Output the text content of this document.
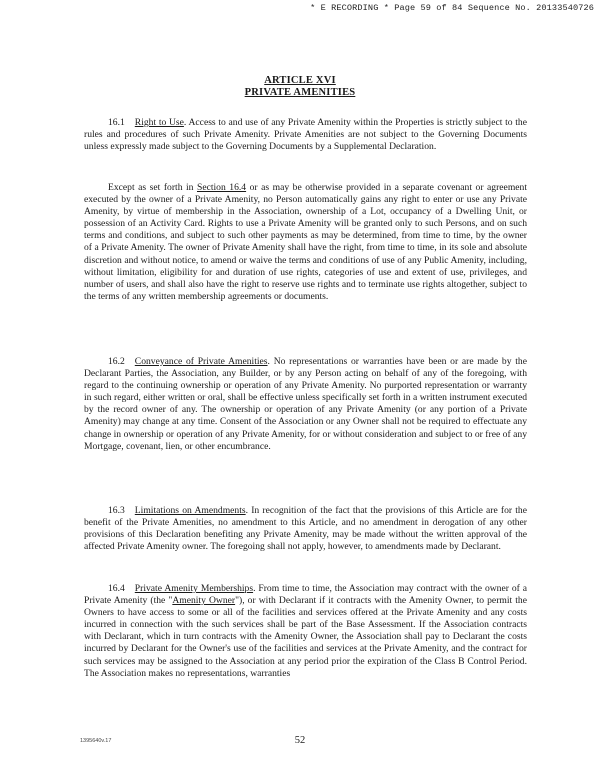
* E RECORDING * Page 59 of 84 Sequence No. 20133540726
ARTICLE XVI
PRIVATE AMENITIES
16.1 Right to Use. Access to and use of any Private Amenity within the Properties is strictly subject to the rules and procedures of such Private Amenity. Private Amenities are not subject to the Governing Documents unless expressly made subject to the Governing Documents by a Supplemental Declaration.
Except as set forth in Section 16.4 or as may be otherwise provided in a separate covenant or agreement executed by the owner of a Private Amenity, no Person automatically gains any right to enter or use any Private Amenity, by virtue of membership in the Association, ownership of a Lot, occupancy of a Dwelling Unit, or possession of an Activity Card. Rights to use a Private Amenity will be granted only to such Persons, and on such terms and conditions, and subject to such other payments as may be determined, from time to time, by the owner of a Private Amenity. The owner of Private Amenity shall have the right, from time to time, in its sole and absolute discretion and without notice, to amend or waive the terms and conditions of use of any Public Amenity, including, without limitation, eligibility for and duration of use rights, categories of use and extent of use, privileges, and number of users, and shall also have the right to reserve use rights and to terminate use rights altogether, subject to the terms of any written membership agreements or documents.
16.2 Conveyance of Private Amenities. No representations or warranties have been or are made by the Declarant Parties, the Association, any Builder, or by any Person acting on behalf of any of the foregoing, with regard to the continuing ownership or operation of any Private Amenity. No purported representation or warranty in such regard, either written or oral, shall be effective unless specifically set forth in a written instrument executed by the record owner of any. The ownership or operation of any Private Amenity (or any portion of a Private Amenity) may change at any time. Consent of the Association or any Owner shall not be required to effectuate any change in ownership or operation of any Private Amenity, for or without consideration and subject to or free of any Mortgage, covenant, lien, or other encumbrance.
16.3 Limitations on Amendments. In recognition of the fact that the provisions of this Article are for the benefit of the Private Amenities, no amendment to this Article, and no amendment in derogation of any other provisions of this Declaration benefiting any Private Amenity, may be made without the written approval of the affected Private Amenity owner. The foregoing shall not apply, however, to amendments made by Declarant.
16.4 Private Amenity Memberships. From time to time, the Association may contract with the owner of a Private Amenity (the "Amenity Owner"), or with Declarant if it contracts with the Amenity Owner, to permit the Owners to have access to some or all of the facilities and services offered at the Private Amenity and any costs incurred in connection with the such services shall be part of the Base Assessment. If the Association contracts with Declarant, which in turn contracts with the Amenity Owner, the Association shall pay to Declarant the costs incurred by Declarant for the Owner's use of the facilities and services at the Private Amenity, and the contract for such services may be assigned to the Association at any period prior the expiration of the Class B Control Period. The Association makes no representations, warranties
1395640v.17	52
